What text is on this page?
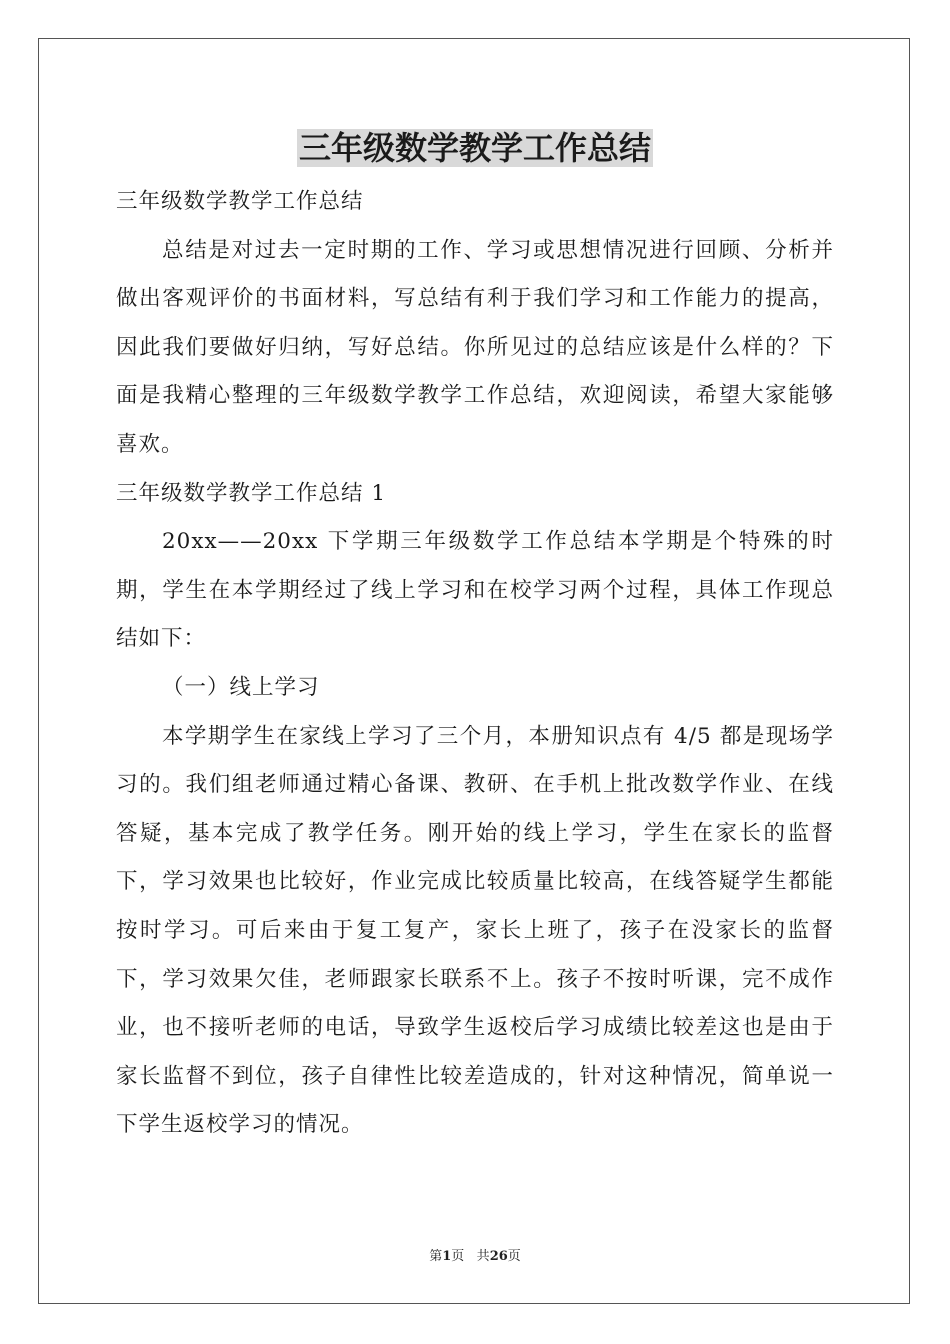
三年级数学教学工作总结

三年级数学教学工作总结

总结是对过去一定时期的工作、学习或思想情况进行回顾、分析并做出客观评价的书面材料，写总结有利于我们学习和工作能力的提高，因此我们要做好归纳，写好总结。你所见过的总结应该是什么样的？下面是我精心整理的三年级数学教学工作总结，欢迎阅读，希望大家能够喜欢。

三年级数学教学工作总结 1

20xx——20xx 下学期三年级数学工作总结本学期是个特殊的时期，学生在本学期经过了线上学习和在校学习两个过程，具体工作现总结如下：

（一）线上学习

本学期学生在家线上学习了三个月，本册知识点有 4/5 都是现场学习的。我们组老师通过精心备课、教研、在手机上批改数学作业、在线答疑，基本完成了教学任务。刚开始的线上学习，学生在家长的监督下，学习效果也比较好，作业完成比较质量比较高，在线答疑学生都能按时学习。可后来由于复工复产，家长上班了，孩子在没家长的监督下，学习效果欠佳，老师跟家长联系不上。孩子不按时听课，完不成作业，也不接听老师的电话，导致学生返校后学习成绩比较差这也是由于家长监督不到位，孩子自律性比较差造成的，针对这种情况，简单说一下学生返校学习的情况。

第1页 共26页
